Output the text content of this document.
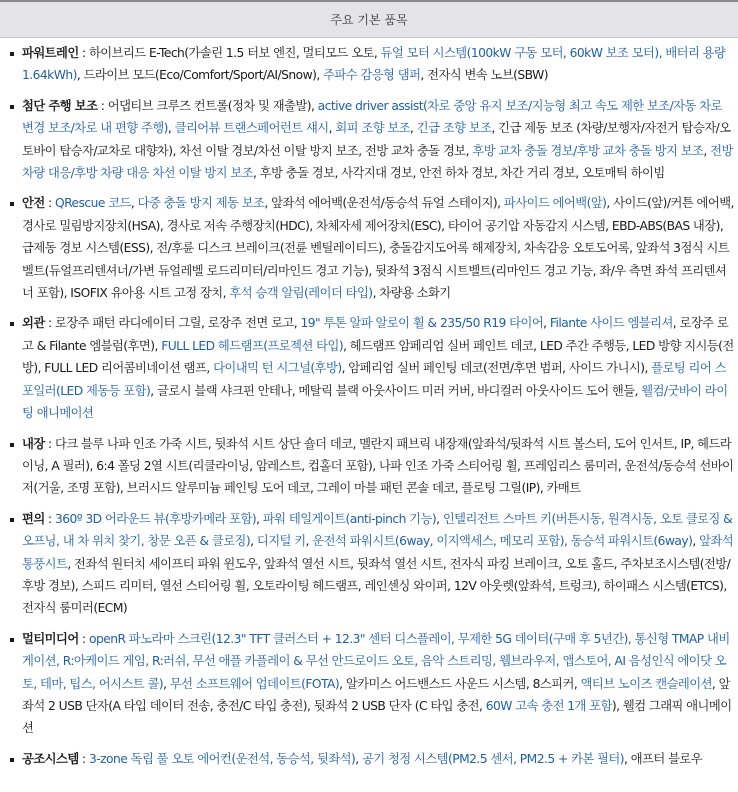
주요 기본 품목
파워트레인 : 하이브리드 E-Tech(가솔린 1.5 터보 엔진, 멀티모드 오토, 듀얼 모터 시스템(100kW 구동 모터, 60kW 보조 모터), 배터리 용량 1.64kWh), 드라이브 모드(Eco/Comfort/Sport/AI/Snow), 주파수 감응형 댐퍼, 전자식 변속 노브(SBW)
첨단 주행 보조 : 어댑티브 크루즈 컨트롤(정차 및 재출발), active driver assist(차로 중앙 유지 보조/지능형 최고 속도 제한 보조/자동 차로 변경 보조/차로 내 편향 주행), 클리어뷰 트랜스페어런트 섀시, 회피 조향 보조, 긴급 조향 보조, 긴급 제동 보조 (차량/보행자/자전거 탑승자/오토바이 탑승자/교차로 대향차), 차선 이탈 경보/차선 이탈 방지 보조, 전방 교차 충돌 경보, 후방 교차 충돌 경보/후방 교차 충돌 방지 보조, 전방 차량 대응/후방 차량 대응 차선 이탈 방지 보조, 후방 충돌 경보, 사각지대 경보, 안전 하차 경보, 차간 거리 경보, 오토매틱 하이빔
안전 : QRescue 코드, 다중 충돌 방지 제동 보조, 앞좌석 에어백(운전석/동승석 듀얼 스테이지), 파사이드 에어백(앞), 사이드(앞)/커튼 에어백, 경사로 밀림방지장치(HSA), 경사로 저속 주행장치(HDC), 차체자세 제어장치(ESC), 타이어 공기압 자동감지 시스템, EBD-ABS(BAS 내장), 급제동 경보 시스템(ESS), 전/후륜 디스크 브레이크(전륜 벤틸레이티드), 충돌감지도어록 해제장치, 차속감응 오토도어록, 앞좌석 3점식 시트벨트(듀얼프리텐셔너/가변 듀얼레벨 로드리미터/리마인드 경고 기능), 뒷좌석 3점식 시트벨트(리마인드 경고 기능, 좌/우 측면 좌석 프리텐셔너 포함), ISOFIX 유아용 시트 고정 장치, 후석 승객 알림(레이더 타입), 차량용 소화기
외관 : 로장주 패턴 라디에이터 그릴, 로장주 전면 로고, 19" 투톤 알파 알로이 휠 & 235/50 R19 타이어, Filante 사이드 엠블리셔, 로장주 로고 & Filante 엠블럼(후면), FULL LED 헤드램프(프로젝션 타입), 헤드램프 암페리엄 실버 페인트 데코, LED 주간 주행등, LED 방향 지시등(전방), FULL LED 리어콤비네이션 램프, 다이내믹 턴 시그널(후방), 암페리엄 실버 페인팅 데코(전면/후면 범퍼, 사이드 가니시), 플로팅 리어 스포일러(LED 제동등 포함), 글로시 블랙 샤크핀 안테나, 메탈릭 블랙 아웃사이드 미러 커버, 바디컬러 아웃사이드 도어 핸들, 웰컴/굿바이 라이팅 애니메이션
내장 : 다크 블루 나파 인조 가죽 시트, 뒷좌석 시트 상단 숄더 데코, 멜란지 패브릭 내장재(앞좌석/뒷좌석 시트 볼스터, 도어 인서트, IP, 헤드라이닝, A 필러), 6:4 폴딩 2열 시트(리클라이닝, 암레스트, 컵홀더 포함), 나파 인조 가죽 스티어링 휠, 프레임리스 룸미러, 운전석/동승석 선바이저(거울, 조명 포함), 브러시드 알루미늄 페인팅 도어 데코, 그레이 마블 패턴 콘솔 데코, 플로팅 그릴(IP), 카매트
편의 : 360º 3D 어라운드 뷰(후방카메라 포함), 파워 테일게이트(anti-pinch 기능), 인텔리전트 스마트 키(버튼시동, 원격시동, 오토 클로징 & 오프닝, 내 차 위치 찾기, 창문 오픈 & 클로징), 디지털 키, 운전석 파워시트(6way, 이지액세스, 메모리 포함), 동승석 파워시트(6way), 앞좌석 통풍시트, 전좌석 원터치 세이프티 파워 윈도우, 앞좌석 열선 시트, 뒷좌석 열선 시트, 전자식 파킹 브레이크, 오토 홀드, 주차보조시스템(전방/후방 경보), 스피드 리미터, 열선 스티어링 휠, 오토라이팅 헤드램프, 레인센싱 와이퍼, 12V 아웃렛(앞좌석, 트렁크), 하이패스 시스템(ETCS), 전자식 룸미러(ECM)
멀티미디어 : openR 파노라마 스크린(12.3" TFT 클러스터 + 12.3" 센터 디스플레이, 무제한 5G 데이터(구매 후 5년간), 통신형 TMAP 내비게이션, R:아케이드 게임, R:러쉬, 무선 애플 카플레이 & 무선 안드로이드 오토, 음악 스트리밍, 웹브라우저, 앱스토어, AI 음성인식 에이닷 오토, 테마, 팁스, 어시스트 콜), 무선 소프트웨어 업데이트(FOTA), 알카미스 어드밴스드 사운드 시스템, 8스피커, 액티브 노이즈 캔슬레이션, 앞좌석 2 USB 단자(A 타입 데이터 전송, 충전/C 타입 충전), 뒷좌석 2 USB 단자 (C 타입 충전, 60W 고속 충전 1개 포함), 웰컴 그래픽 애니메이션
공조시스템 : 3-zone 독립 풀 오토 에어컨(운전석, 동승석, 뒷좌석), 공기 청정 시스템(PM2.5 센서, PM2.5 + 카본 필터), 애프터 블로우
